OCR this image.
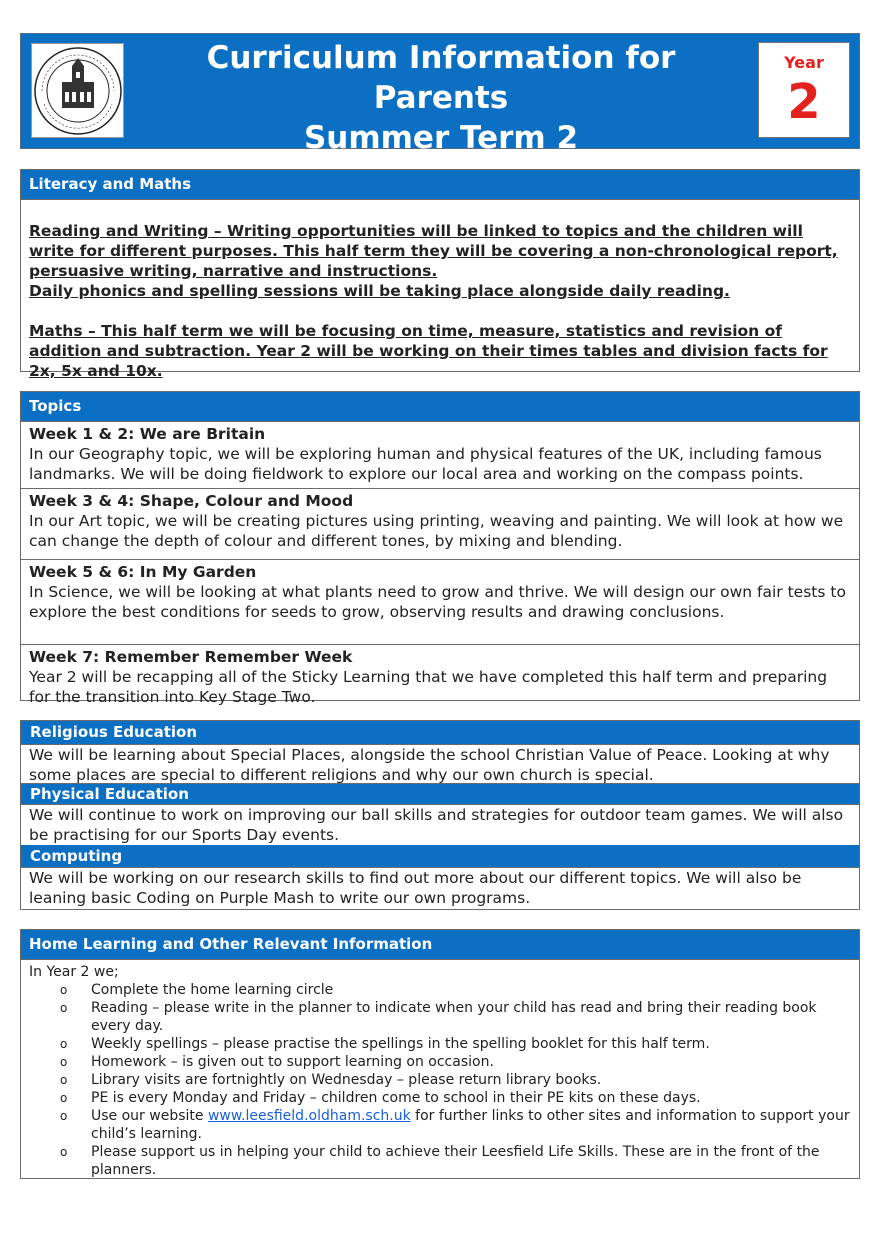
Curriculum Information for Parents
Summer Term 2
Year
2
Literacy and Maths
Reading and Writing – Writing opportunities will be linked to topics and the children will write for different purposes. This half term they will be covering a non-chronological report, persuasive writing, narrative and instructions.
Daily phonics and spelling sessions will be taking place alongside daily reading.
Maths – This half term we will be focusing on time, measure, statistics and revision of addition and subtraction. Year 2 will be working on their times tables and division facts for 2x, 5x and 10x.
Topics
Week 1 & 2: We are Britain
In our Geography topic, we will be exploring human and physical features of the UK, including famous landmarks. We will be doing fieldwork to explore our local area and working on the compass points.
Week 3 & 4: Shape, Colour and Mood
In our Art topic, we will be creating pictures using printing, weaving and painting. We will look at how we can change the depth of colour and different tones, by mixing and blending.
Week 5 & 6: In My Garden
In Science, we will be looking at what plants need to grow and thrive. We will design our own fair tests to explore the best conditions for seeds to grow, observing results and drawing conclusions.
Week 7: Remember Remember Week
Year 2 will be recapping all of the Sticky Learning that we have completed this half term and preparing for the transition into Key Stage Two.
Religious Education
We will be learning about Special Places, alongside the school Christian Value of Peace. Looking at why some places are special to different religions and why our own church is special.
Physical Education
We will continue to work on improving our ball skills and strategies for outdoor team games. We will also be practising for our Sports Day events.
Computing
We will be working on our research skills to find out more about our different topics. We will also be leaning basic Coding on Purple Mash to write our own programs.
Home Learning and Other Relevant Information
In Year 2 we;
o Complete the home learning circle
o Reading – please write in the planner to indicate when your child has read and bring their reading book every day.
o Weekly spellings – please practise the spellings in the spelling booklet for this half term.
o Homework – is given out to support learning on occasion.
o Library visits are fortnightly on Wednesday – please return library books.
o PE is every Monday and Friday – children come to school in their PE kits on these days.
o Use our website www.leesfield.oldham.sch.uk for further links to other sites and information to support your child’s learning.
o Please support us in helping your child to achieve their Leesfield Life Skills. These are in the front of the planners.
